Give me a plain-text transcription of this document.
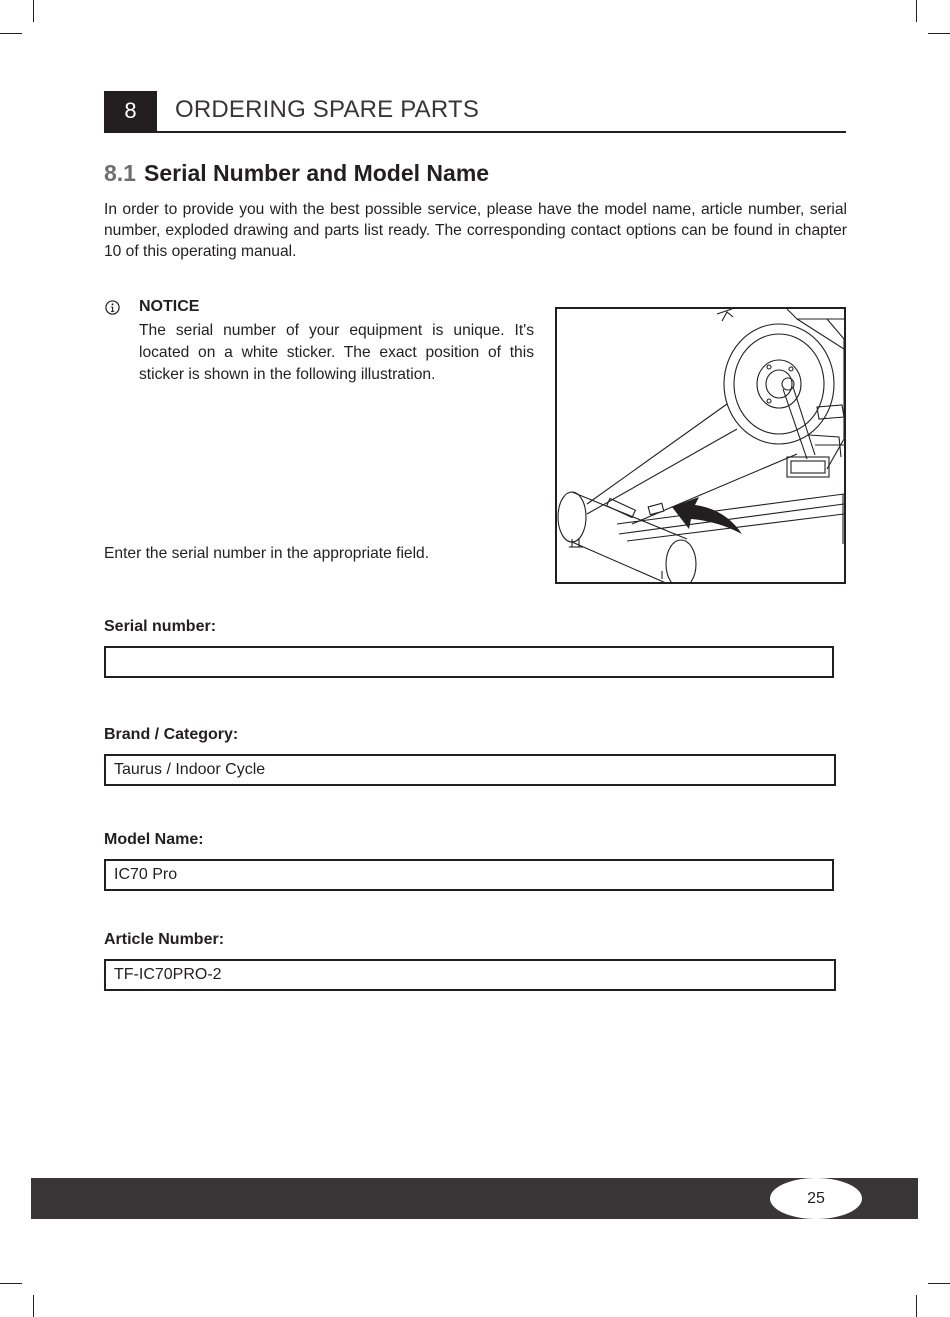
8	ORDERING SPARE PARTS
8.1 Serial Number and Model Name

In order to provide you with the best possible service, please have the model name, article number, serial number, exploded drawing and parts list ready. The corresponding contact options can be found in chapter 10 of this operating manual.

NOTICE

The serial number of your equipment is unique. It's located on a white sticker. The exact position of this sticker is shown in the following illustration.

Enter the serial number in the appropriate field.
Serial number:
Brand / Category:
Taurus / Indoor Cycle
Model Name:
IC70 Pro
Article Number:
TF-IC70PRO-2
25
